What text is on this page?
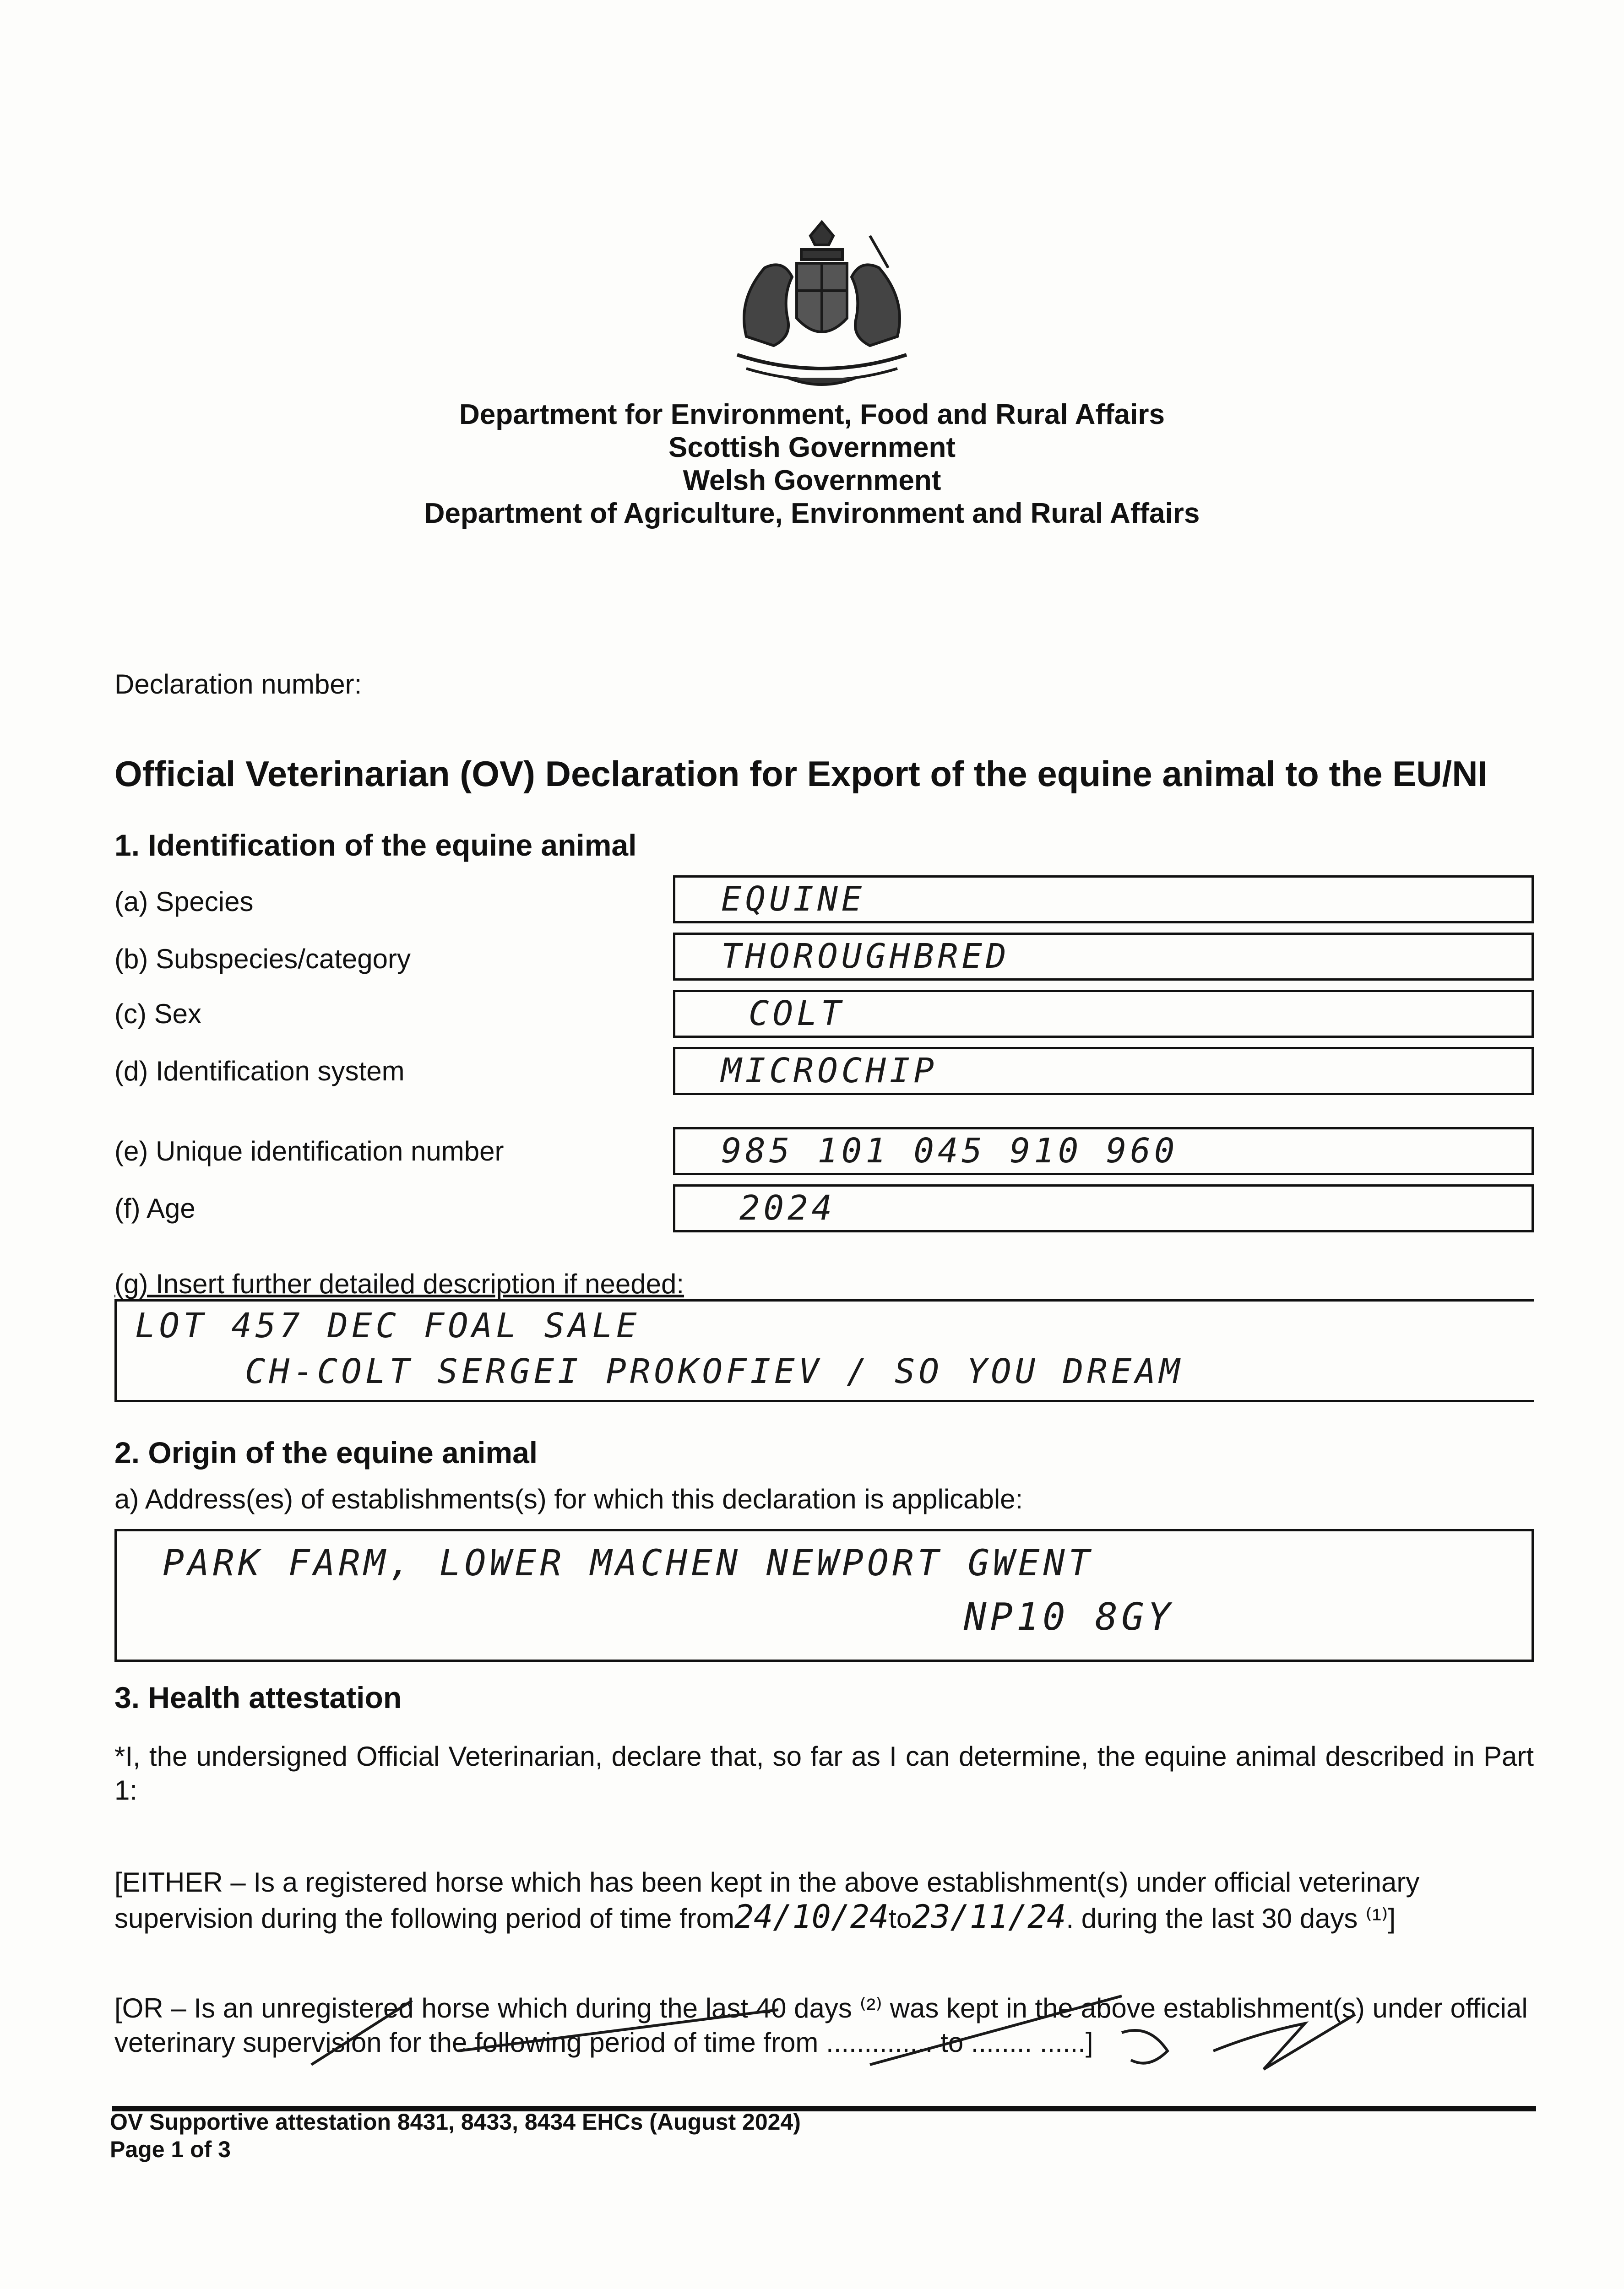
Department for Environment, Food and Rural Affairs
Scottish Government
Welsh Government
Department of Agriculture, Environment and Rural Affairs
Declaration number:
Official Veterinarian (OV) Declaration for Export of the equine animal to the EU/NI
1. Identification of the equine animal
(a) Species	EQUINE
(b) Subspecies/category	THOROUGHBRED
(c) Sex	COLT
(d) Identification system	MICROCHIP
(e) Unique identification number	985 101 045 910 960
(f) Age	2024
(g) Insert further detailed description if needed:
LOT 457 DEC FOAL SALE
CH-COLT SERGEI PROKOFIEV / SO YOU DREAM
2. Origin of the equine animal
a) Address(es) of establishments(s) for which this declaration is applicable:
PARK FARM, LOWER MACHEN NEWPORT GWENT
NP10 8GY
3. Health attestation
*I, the undersigned Official Veterinarian, declare that, so far as I can determine, the equine animal described in Part 1:
[EITHER – Is a registered horse which has been kept in the above establishment(s) under official veterinary
supervision during the following period of time from24/10/24to23/11/24. during the last 30 days ⁽¹⁾]
[OR – Is an unregistered horse which during the last 40 days ⁽²⁾ was kept in the above establishment(s) under official
veterinary supervision for the following period of time from .............. to ........ ......]
OV Supportive attestation 8431, 8433, 8434 EHCs (August 2024)
Page 1 of 3
